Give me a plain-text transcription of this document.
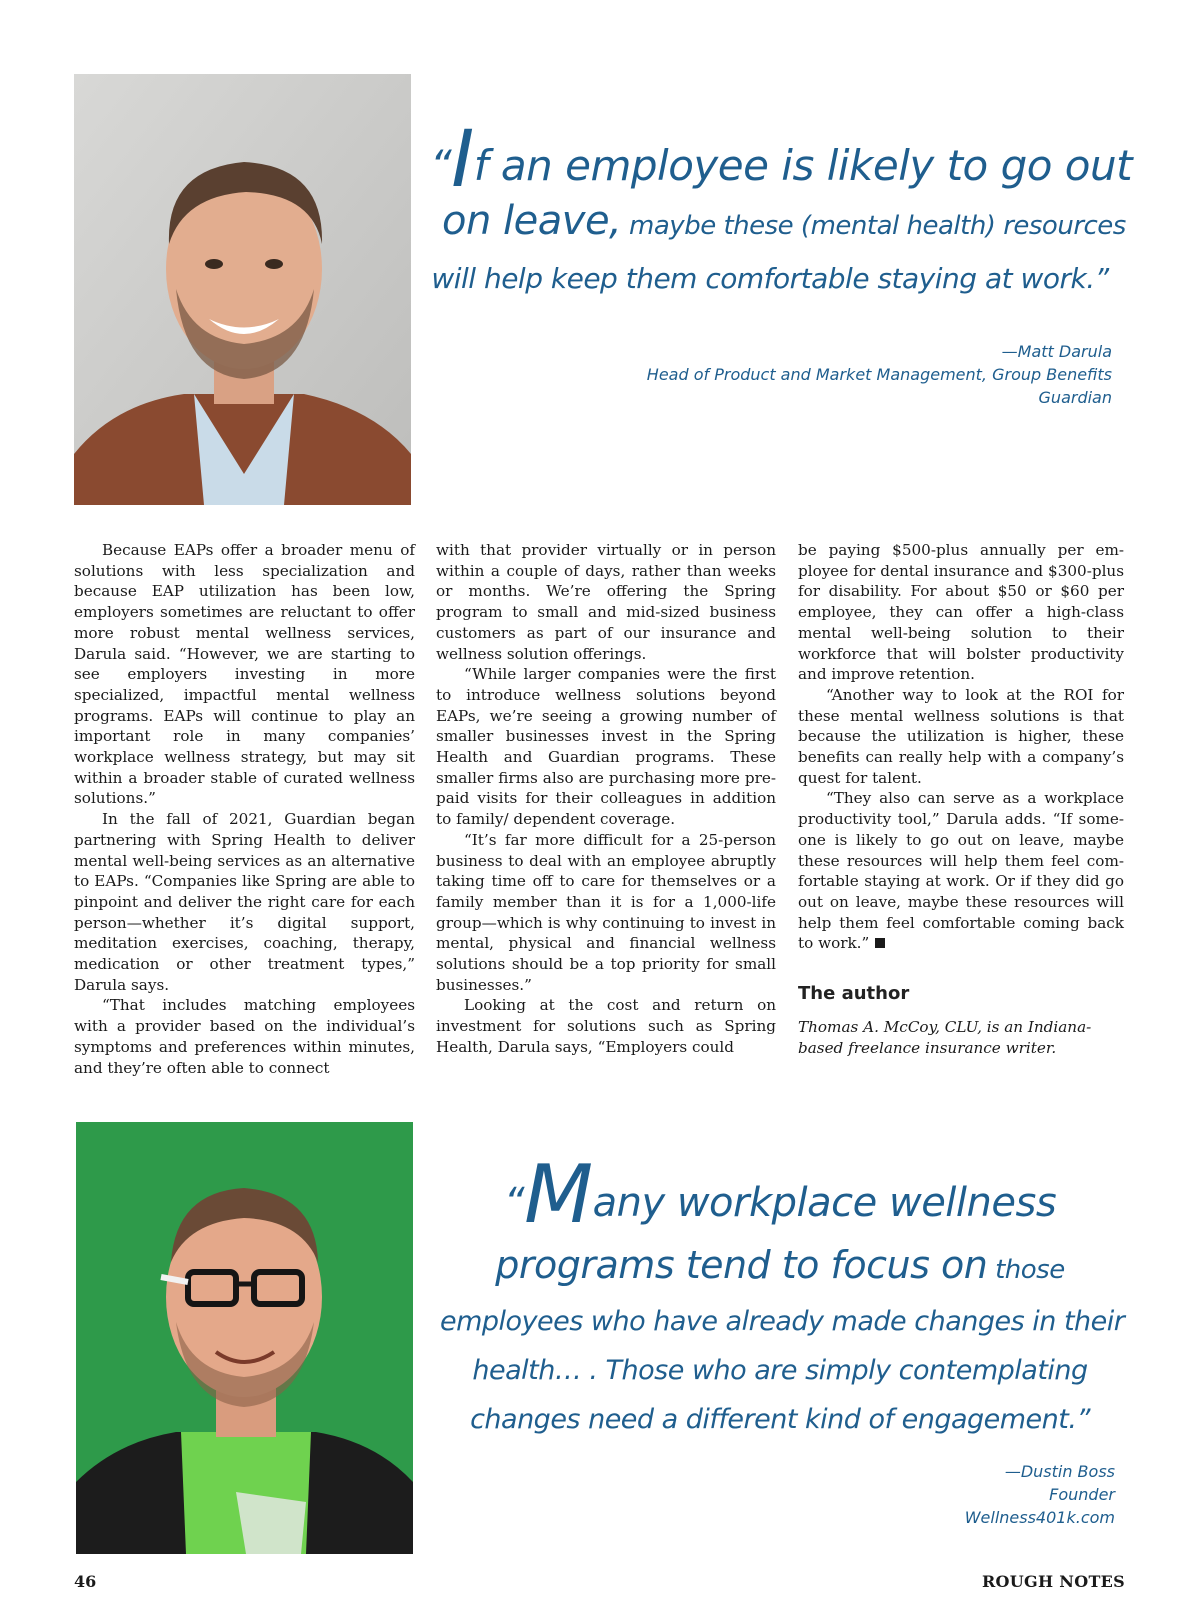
“If an employee is likely to go out
on leave, maybe these (mental health) resources
will help keep them comfortable staying at work.”
—Matt Darula
Head of Product and Market Management, Group Benefits
Guardian

Because EAPs offer a broader menu of solutions with less specialization and because EAP utilization has been low, employers sometimes are reluctant to offer more robust mental wellness services, Darula said. “However, we are starting to see employers investing in more specialized, impactful mental wellness programs. EAPs will continue to play an important role in many companies’ workplace wellness strategy, but may sit within a broader stable of curated wellness solutions.”

In the fall of 2021, Guardian began partnering with Spring Health to deliver mental well-being services as an alternative to EAPs. “Companies like Spring are able to pinpoint and deliver the right care for each person—whether it’s digital support, meditation exercises, coaching, therapy, medication or other treatment types,” Darula says.

“That includes matching employees with a provider based on the individual’s symptoms and preferences within minutes, and they’re often able to connect

with that provider virtually or in person within a couple of days, rather than weeks or months. We’re offering the Spring program to small and mid-sized business customers as part of our insurance and wellness solution offerings.

“While larger companies were the first to introduce wellness solutions beyond EAPs, we’re seeing a growing number of smaller businesses invest in the Spring Health and Guardian programs. These smaller firms also are purchasing more pre-paid visits for their colleagues in addition to family/ dependent coverage.

“It’s far more difficult for a 25-person business to deal with an employee abruptly taking time off to care for themselves or a family member than it is for a 1,000-life group—which is why continuing to invest in mental, physical and financial wellness solutions should be a top priority for small businesses.”

Looking at the cost and return on investment for solutions such as Spring Health, Darula says, “Employers could

be paying $500-plus annually per employee for dental insurance and $300-plus for disability. For about $50 or $60 per employee, they can offer a high-class mental well-being solution to their workforce that will bolster productivity and improve retention.

“Another way to look at the ROI for these mental wellness solutions is that because the utilization is higher, these benefits can really help with a company’s quest for talent.

“They also can serve as a workplace productivity tool,” Darula adds. “If someone is likely to go out on leave, maybe these resources will help them feel comfortable staying at work. Or if they did go out on leave, maybe these resources will help them feel comfortable coming back to work.”

The author
Thomas A. McCoy, CLU, is an Indiana-based freelance insurance writer.
“Many workplace wellness
programs tend to focus on those
employees who have already made changes in their
health… . Those who are simply contemplating
changes need a different kind of engagement.”
—Dustin Boss
Founder
Wellness401k.com
46	ROUGH NOTES
